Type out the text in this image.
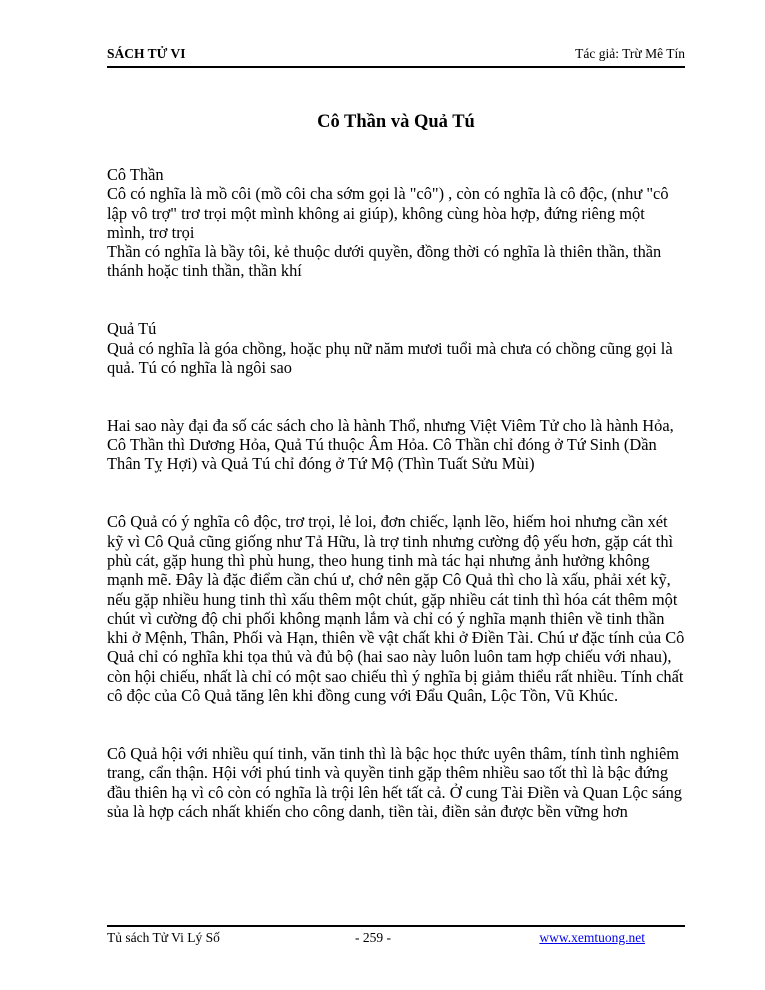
SÁCH TỬ VI	Tác giả: Trừ Mê Tín
Cô Thần và Quả Tú

Cô Thần

Cô có nghĩa là mồ côi (mồ côi cha sớm gọi là "cô") , còn có nghĩa là cô độc, (như "cô lập vô trợ" trơ trọi một mình không ai giúp), không cùng hòa hợp, đứng riêng một mình, trơ trọi

Thần có nghĩa là bầy tôi, kẻ thuộc dưới quyền, đồng thời có nghĩa là thiên thần, thần thánh hoặc tinh thần, thần khí

Quả Tú

Quả có nghĩa là góa chồng, hoặc phụ nữ năm mươi tuổi mà chưa có chồng cũng gọi là quả. Tú có nghĩa là ngôi sao

Hai sao này đại đa số các sách cho là hành Thổ, nhưng Việt Viêm Tử cho là hành Hỏa, Cô Thần thì Dương Hỏa, Quả Tú thuộc Âm Hỏa. Cô Thần chỉ đóng ở Tứ Sinh (Dần Thân Tỵ Hợi) và Quả Tú chỉ đóng ở Tứ Mộ (Thìn Tuất Sửu Mùi)

Cô Quả có ý nghĩa cô độc, trơ trọi, lẻ loi, đơn chiếc, lạnh lẽo, hiếm hoi nhưng cần xét kỹ vì Cô Quả cũng giống như Tả Hữu, là trợ tinh nhưng cường độ yếu hơn, gặp cát thì phù cát, gặp hung thì phù hung, theo hung tinh mà tác hại nhưng ảnh hưởng không mạnh mẽ. Đây là đặc điểm cần chú ư, chớ nên gặp Cô Quả thì cho là xấu, phải xét kỹ, nếu gặp nhiều hung tinh thì xấu thêm một chút, gặp nhiều cát tinh thì hóa cát thêm một chút vì cường độ chi phối không mạnh lắm và chỉ có ý nghĩa mạnh thiên về tinh thần khi ở Mệnh, Thân, Phối và Hạn, thiên về vật chất khi ở Điền Tài. Chú ư đặc tính của Cô Quả chỉ có nghĩa khi tọa thủ và đủ bộ (hai sao này luôn luôn tam hợp chiếu với nhau), còn hội chiếu, nhất là chỉ có một sao chiếu thì ý nghĩa bị giảm thiểu rất nhiều. Tính chất cô độc của Cô Quả tăng lên khi đồng cung với Đẩu Quân, Lộc Tồn, Vũ Khúc.

Cô Quả hội với nhiều quí tinh, văn tinh thì là bậc học thức uyên thâm, tính tình nghiêm trang, cẩn thận. Hội với phú tinh và quyền tinh gặp thêm nhiều sao tốt thì là bậc đứng đầu thiên hạ vì cô còn có nghĩa là trội lên hết tất cả. Ở cung Tài Điền và Quan Lộc sáng sủa là hợp cách nhất khiến cho công danh, tiền tài, điền sản được bền vững hơn

Tủ sách Tử Vi Lý Số	- 259 -	www.xemtuong.net
